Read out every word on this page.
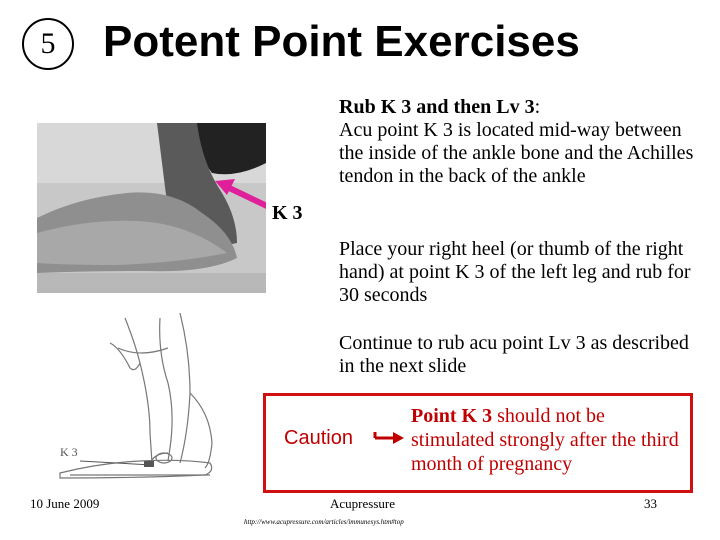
5	Potent Point Exercises
K 3
K 3
Rub K 3 and then Lv 3:
Acu point K 3 is located mid-way between the inside of the ankle bone and the Achilles tendon in the back of the ankle
Place your right heel (or thumb of the right hand) at point K 3 of the left leg and rub for 30 seconds
Continue to rub acu point Lv 3 as described in the next slide
Caution
Point K 3 should not be stimulated strongly after the third month of pregnancy
10 June 2009	Acupressure	33
http://www.acupressure.com/articles/immunesys.htm#top
